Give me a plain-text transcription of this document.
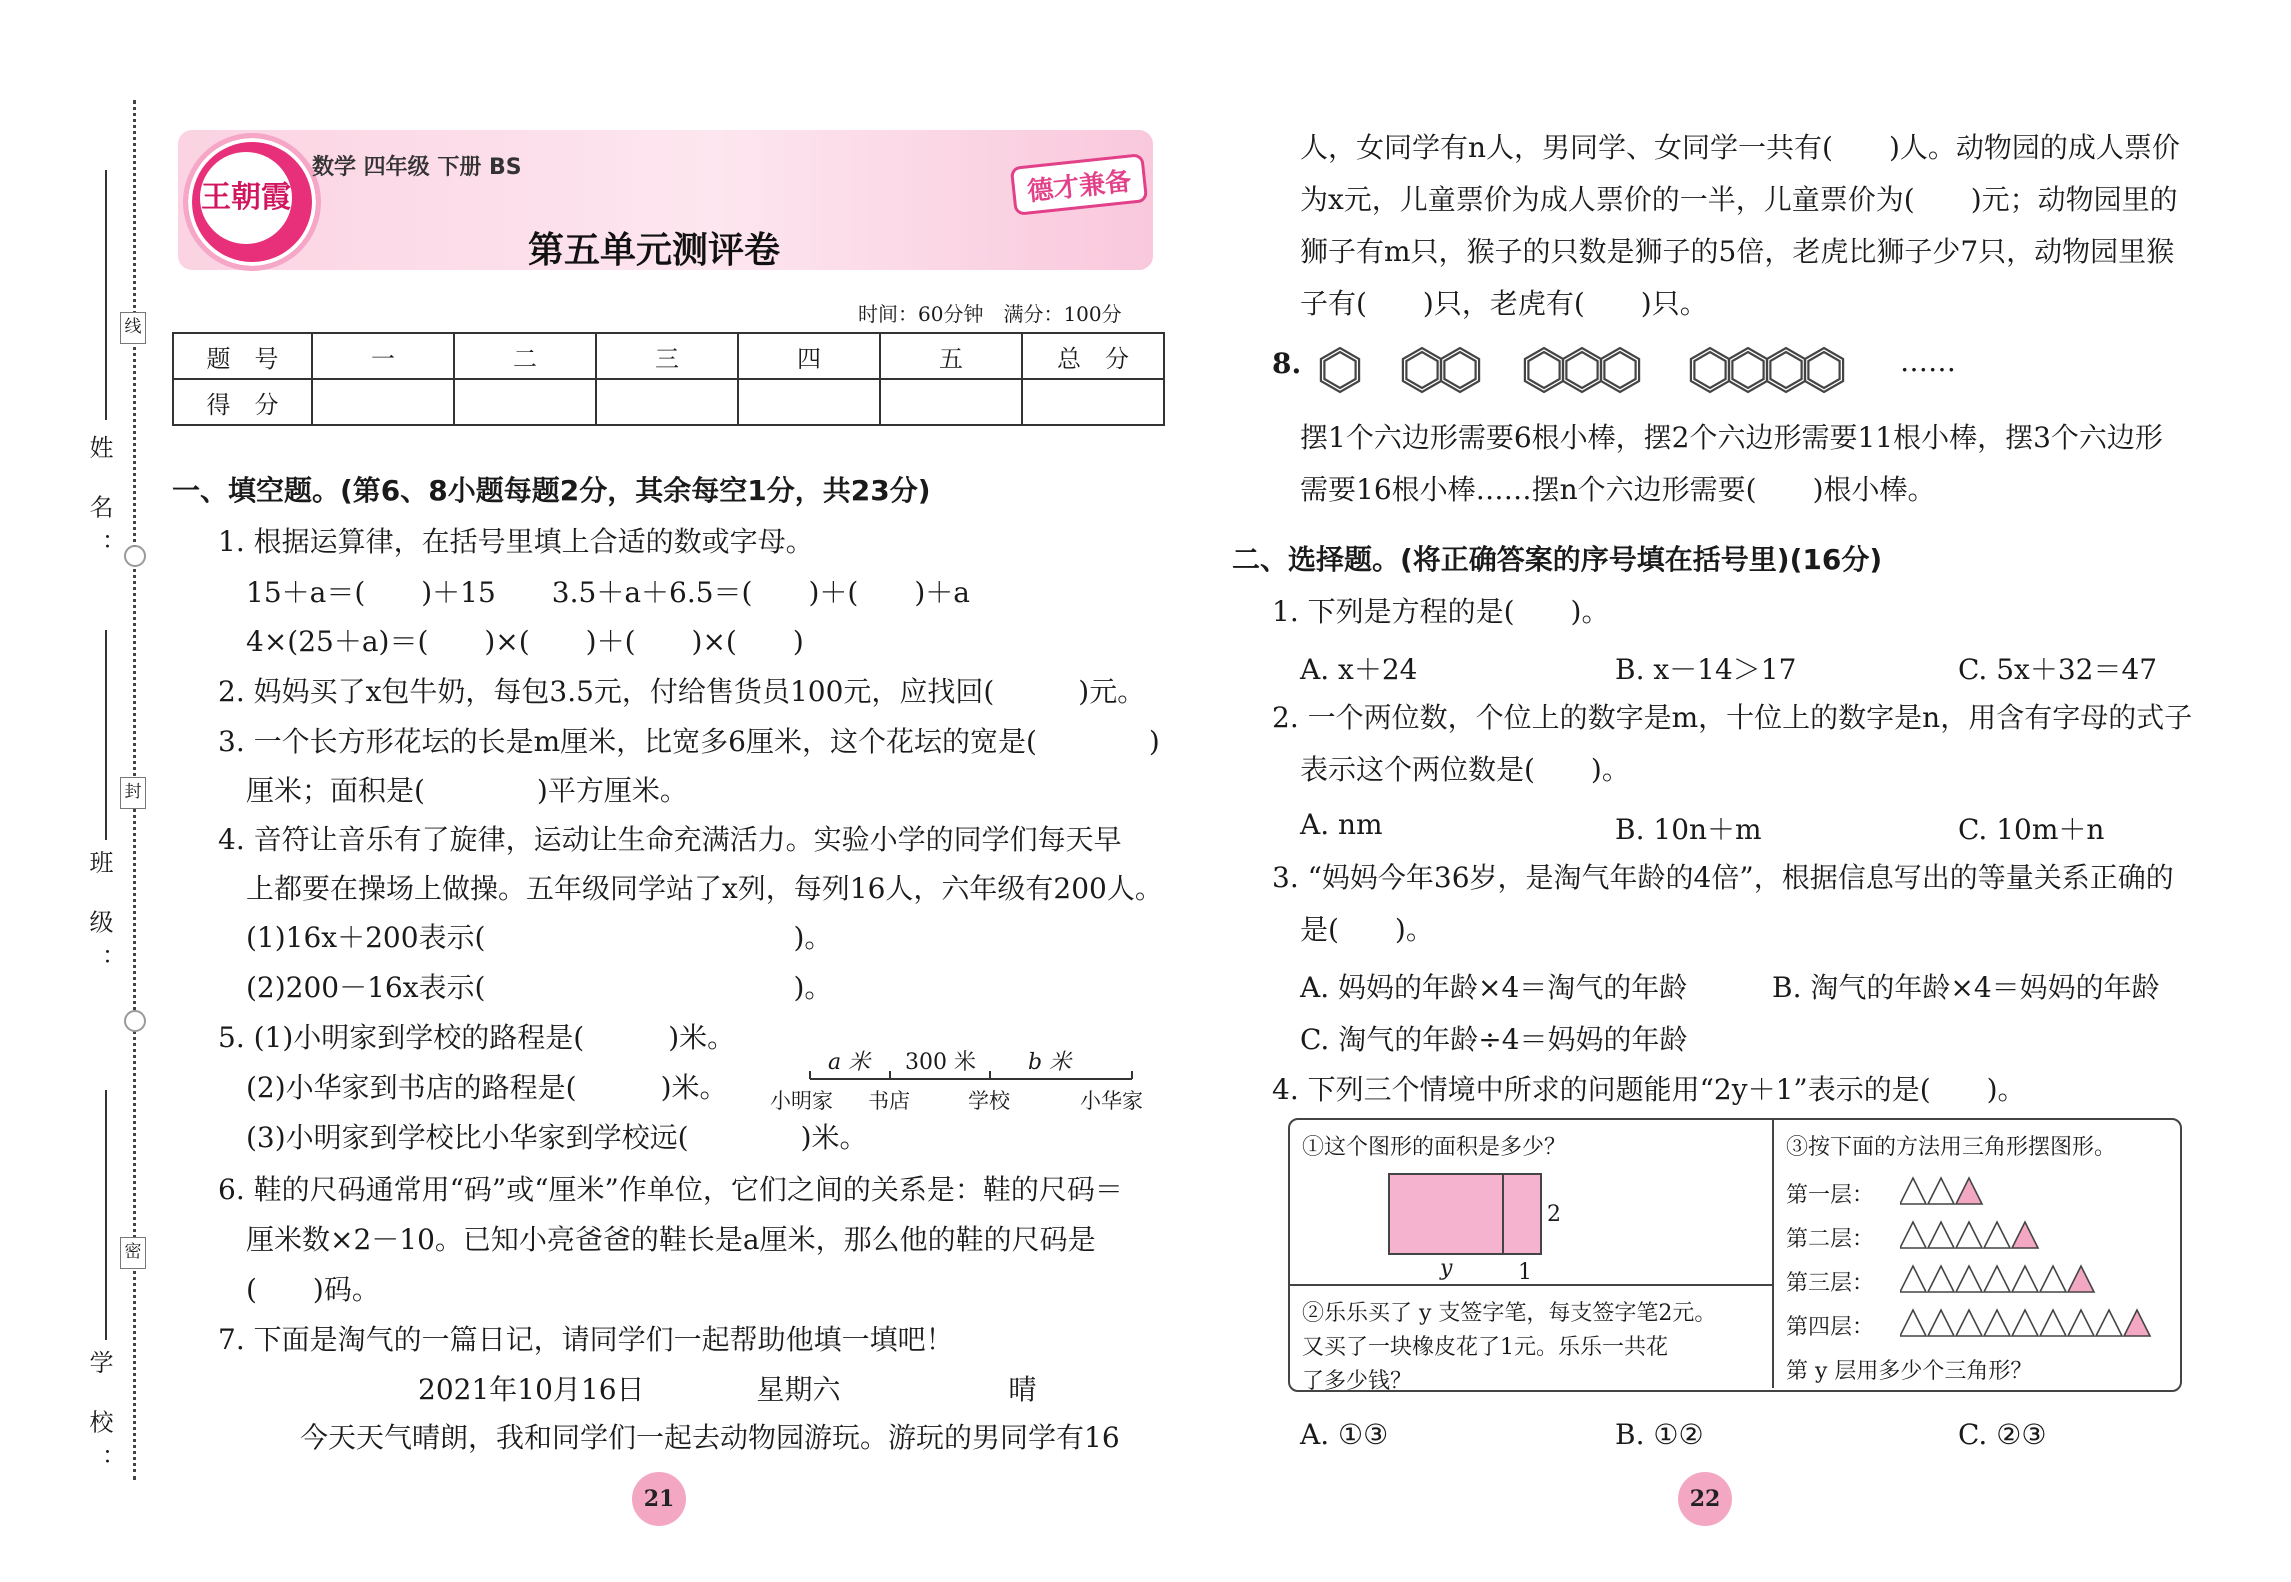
姓 名：
班 级：
学 校：
线
封
密
王朝霞
数学 四年级 下册 BS
第五单元测评卷
德才兼备
时间：60分钟　满分：100分
题　号	一	二	三	四	五	总　分
得　分						
一、填空题。(第6、8小题每题2分，其余每空1分，共23分)
1. 根据运算律，在括号里填上合适的数或字母。
15＋a＝(　　)＋15　　3.5＋a＋6.5＝(　　)＋(　　)＋a
4×(25＋a)＝(　　)×(　　)＋(　　)×(　　)
2. 妈妈买了x包牛奶，每包3.5元，付给售货员100元，应找回(　　　)元。
3. 一个长方形花坛的长是m厘米，比宽多6厘米，这个花坛的宽是(　　　　)
厘米；面积是(　　　　)平方厘米。
4. 音符让音乐有了旋律，运动让生命充满活力。实验小学的同学们每天早
上都要在操场上做操。五年级同学站了x列，每列16人，六年级有200人。
(1)16x＋200表示(　　　　　　　　　　　)。
(2)200－16x表示(　　　　　　　　　　　)。
5. (1)小明家到学校的路程是(　　　)米。
(2)小华家到书店的路程是(　　　)米。
(3)小明家到学校比小华家到学校远(　　　　)米。
a 米 300 米 b 米
小明家 书店	学校	小华家
6. 鞋的尺码通常用“码”或“厘米”作单位，它们之间的关系是：鞋的尺码＝
厘米数×2－10。已知小亮爸爸的鞋长是a厘米，那么他的鞋的尺码是
(　　)码。
7. 下面是淘气的一篇日记，请同学们一起帮助他填一填吧！
2021年10月16日　　　　星期六　　　　　　晴
今天天气晴朗，我和同学们一起去动物园游玩。游玩的男同学有16
21
人，女同学有n人，男同学、女同学一共有(　　)人。动物园的成人票价
为x元，儿童票价为成人票价的一半，儿童票价为(　　)元；动物园里的
狮子有m只，猴子的只数是狮子的5倍，老虎比狮子少7只，动物园里猴
子有(　　)只，老虎有(　　)只。
8.	……
摆1个六边形需要6根小棒，摆2个六边形需要11根小棒，摆3个六边形
需要16根小棒……摆n个六边形需要(　　)根小棒。
二、选择题。(将正确答案的序号填在括号里)(16分)
1. 下列是方程的是(　　)。
A. x＋24	B. x－14＞17	C. 5x＋32＝47
2. 一个两位数，个位上的数字是m，十位上的数字是n，用含有字母的式子
表示这个两位数是(　　)。
A. nm	B. 10n＋m	C. 10m＋n
3. “妈妈今年36岁，是淘气年龄的4倍”，根据信息写出的等量关系正确的
是(　　)。
A. 妈妈的年龄×4＝淘气的年龄	B. 淘气的年龄×4＝妈妈的年龄
C. 淘气的年龄÷4＝妈妈的年龄
4. 下列三个情境中所求的问题能用“2y＋1”表示的是(　　)。
①这个图形的面积是多少？
2
y	1
②乐乐买了 y 支签字笔，每支签字笔2元。
又买了一块橡皮花了1元。乐乐一共花
了多少钱？
③按下面的方法用三角形摆图形。
第一层：
第二层：
第三层：
第四层：
第 y 层用多少个三角形？
A. ①③	B. ①②	C. ②③
22
